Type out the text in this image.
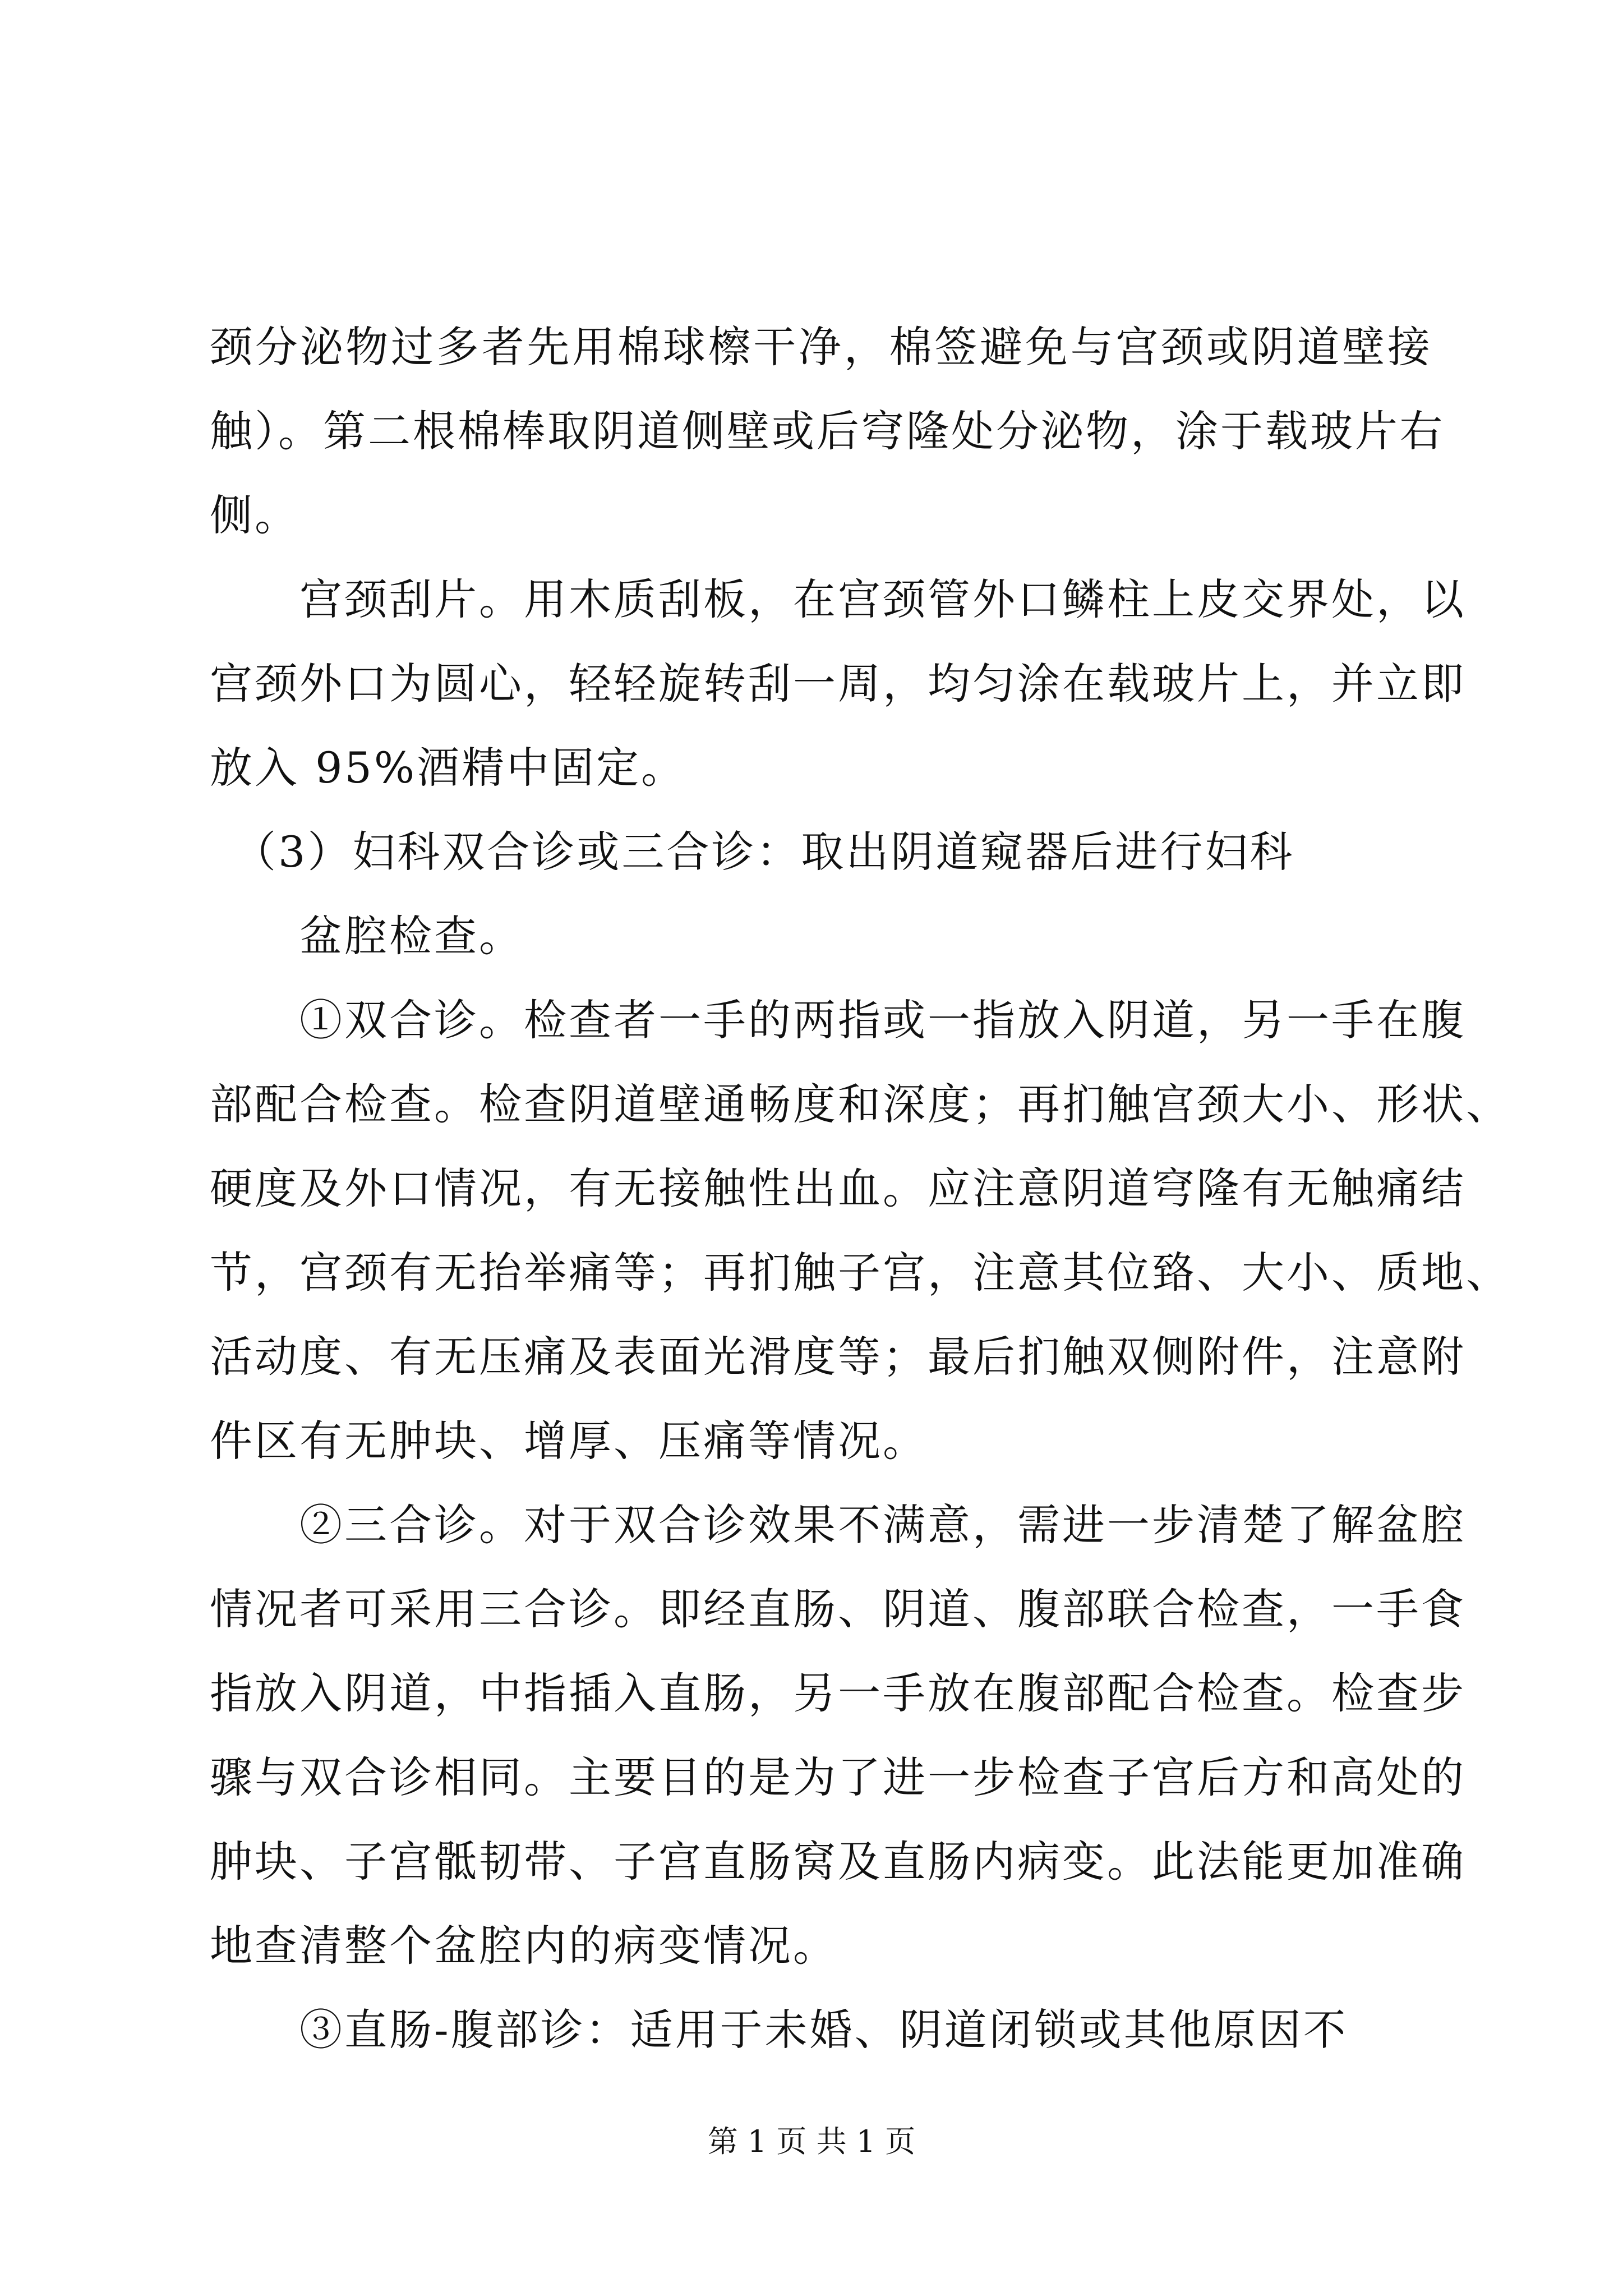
颈分泌物过多者先用棉球檫干净，棉签避免与宫颈或阴道壁接
触）。第二根棉棒取阴道侧壁或后穹隆处分泌物，涂于载玻片右
侧。
　　宫颈刮片。用木质刮板，在宫颈管外口鳞柱上皮交界处，以
宫颈外口为圆心，轻轻旋转刮一周，均匀涂在载玻片上，并立即
放入 95%酒精中固定。
　（3）妇科双合诊或三合诊：取出阴道窥器后进行妇科
　　盆腔检查。
　　①双合诊。检查者一手的两指或一指放入阴道，另一手在腹
部配合检查。检查阴道壁通畅度和深度；再扪触宫颈大小、形状、
硬度及外口情况，有无接触性出血。应注意阴道穹隆有无触痛结
节，宫颈有无抬举痛等；再扪触子宫，注意其位臵、大小、质地、
活动度、有无压痛及表面光滑度等；最后扪触双侧附件，注意附
件区有无肿块、增厚、压痛等情况。
　　②三合诊。对于双合诊效果不满意，需进一步清楚了解盆腔
情况者可采用三合诊。即经直肠、阴道、腹部联合检查，一手食
指放入阴道，中指插入直肠，另一手放在腹部配合检查。检查步
骤与双合诊相同。主要目的是为了进一步检查子宫后方和高处的
肿块、子宫骶韧带、子宫直肠窝及直肠内病变。此法能更加准确
地查清整个盆腔内的病变情况。
　　③直肠-腹部诊：适用于未婚、阴道闭锁或其他原因不
第 1 页 共 1 页
